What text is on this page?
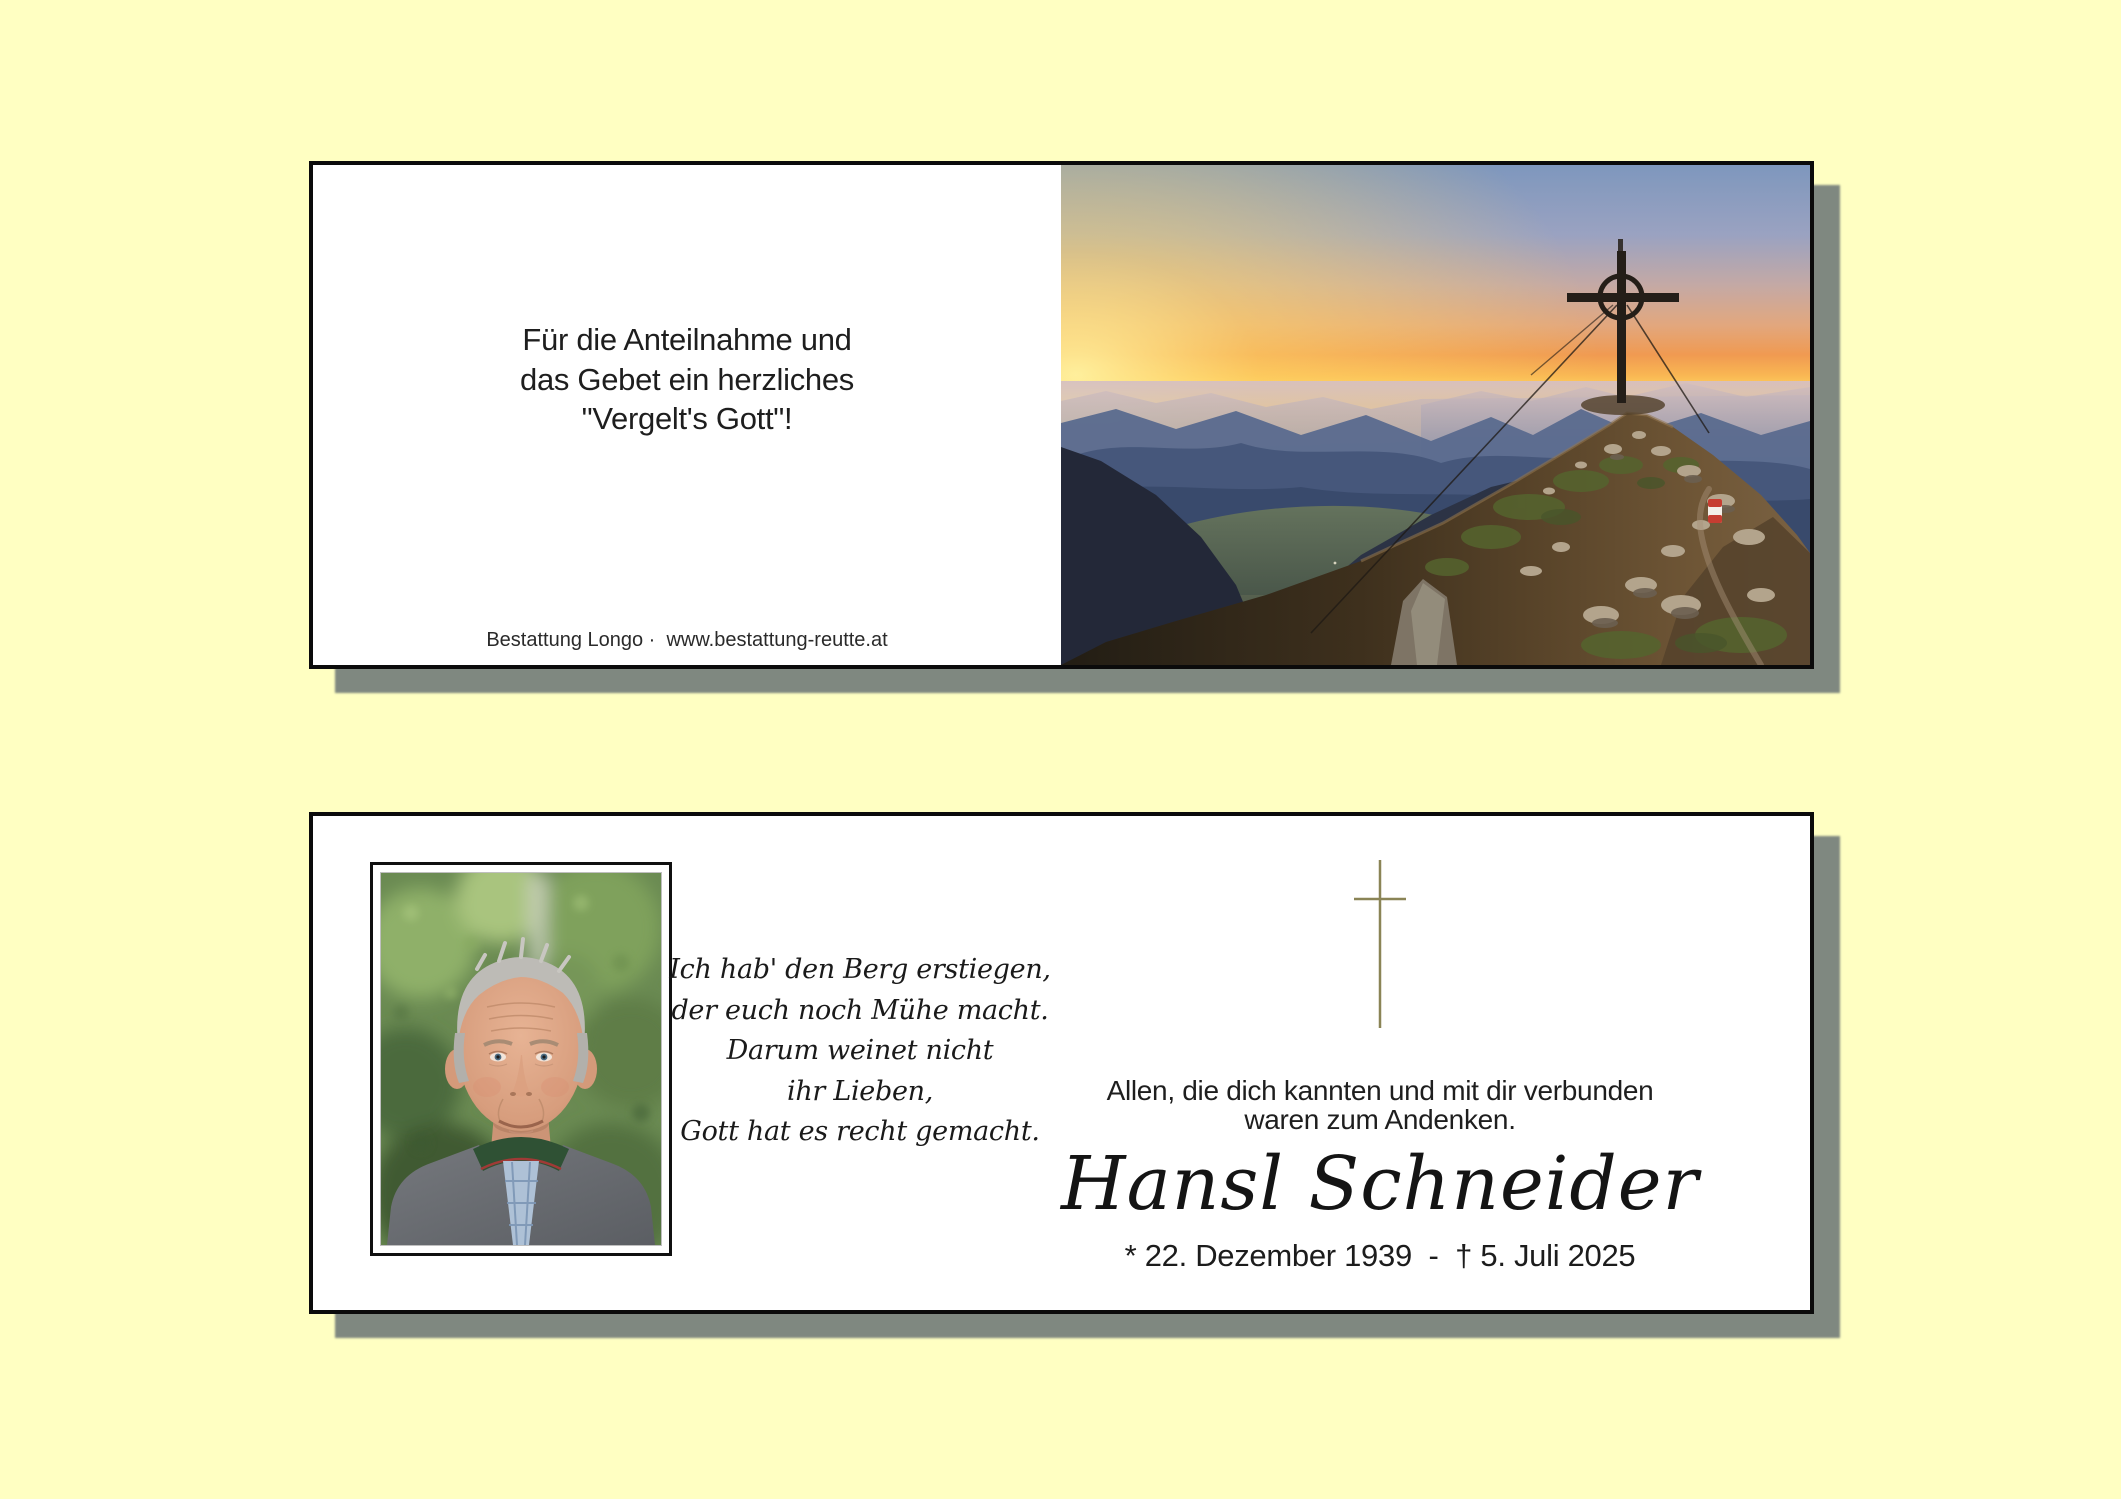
Für die Anteilnahme und
das Gebet ein herzliches
"Vergelt's Gott"!
Bestattung Longo ·  www.bestattung-reutte.at
Ich hab' den Berg erstiegen,
der euch noch Mühe macht.
Darum weinet nicht
ihr Lieben,
Gott hat es recht gemacht.
Allen, die dich kannten und mit dir verbunden
waren zum Andenken.
Hansl Schneider
* 22. Dezember 1939  -  † 5. Juli 2025
